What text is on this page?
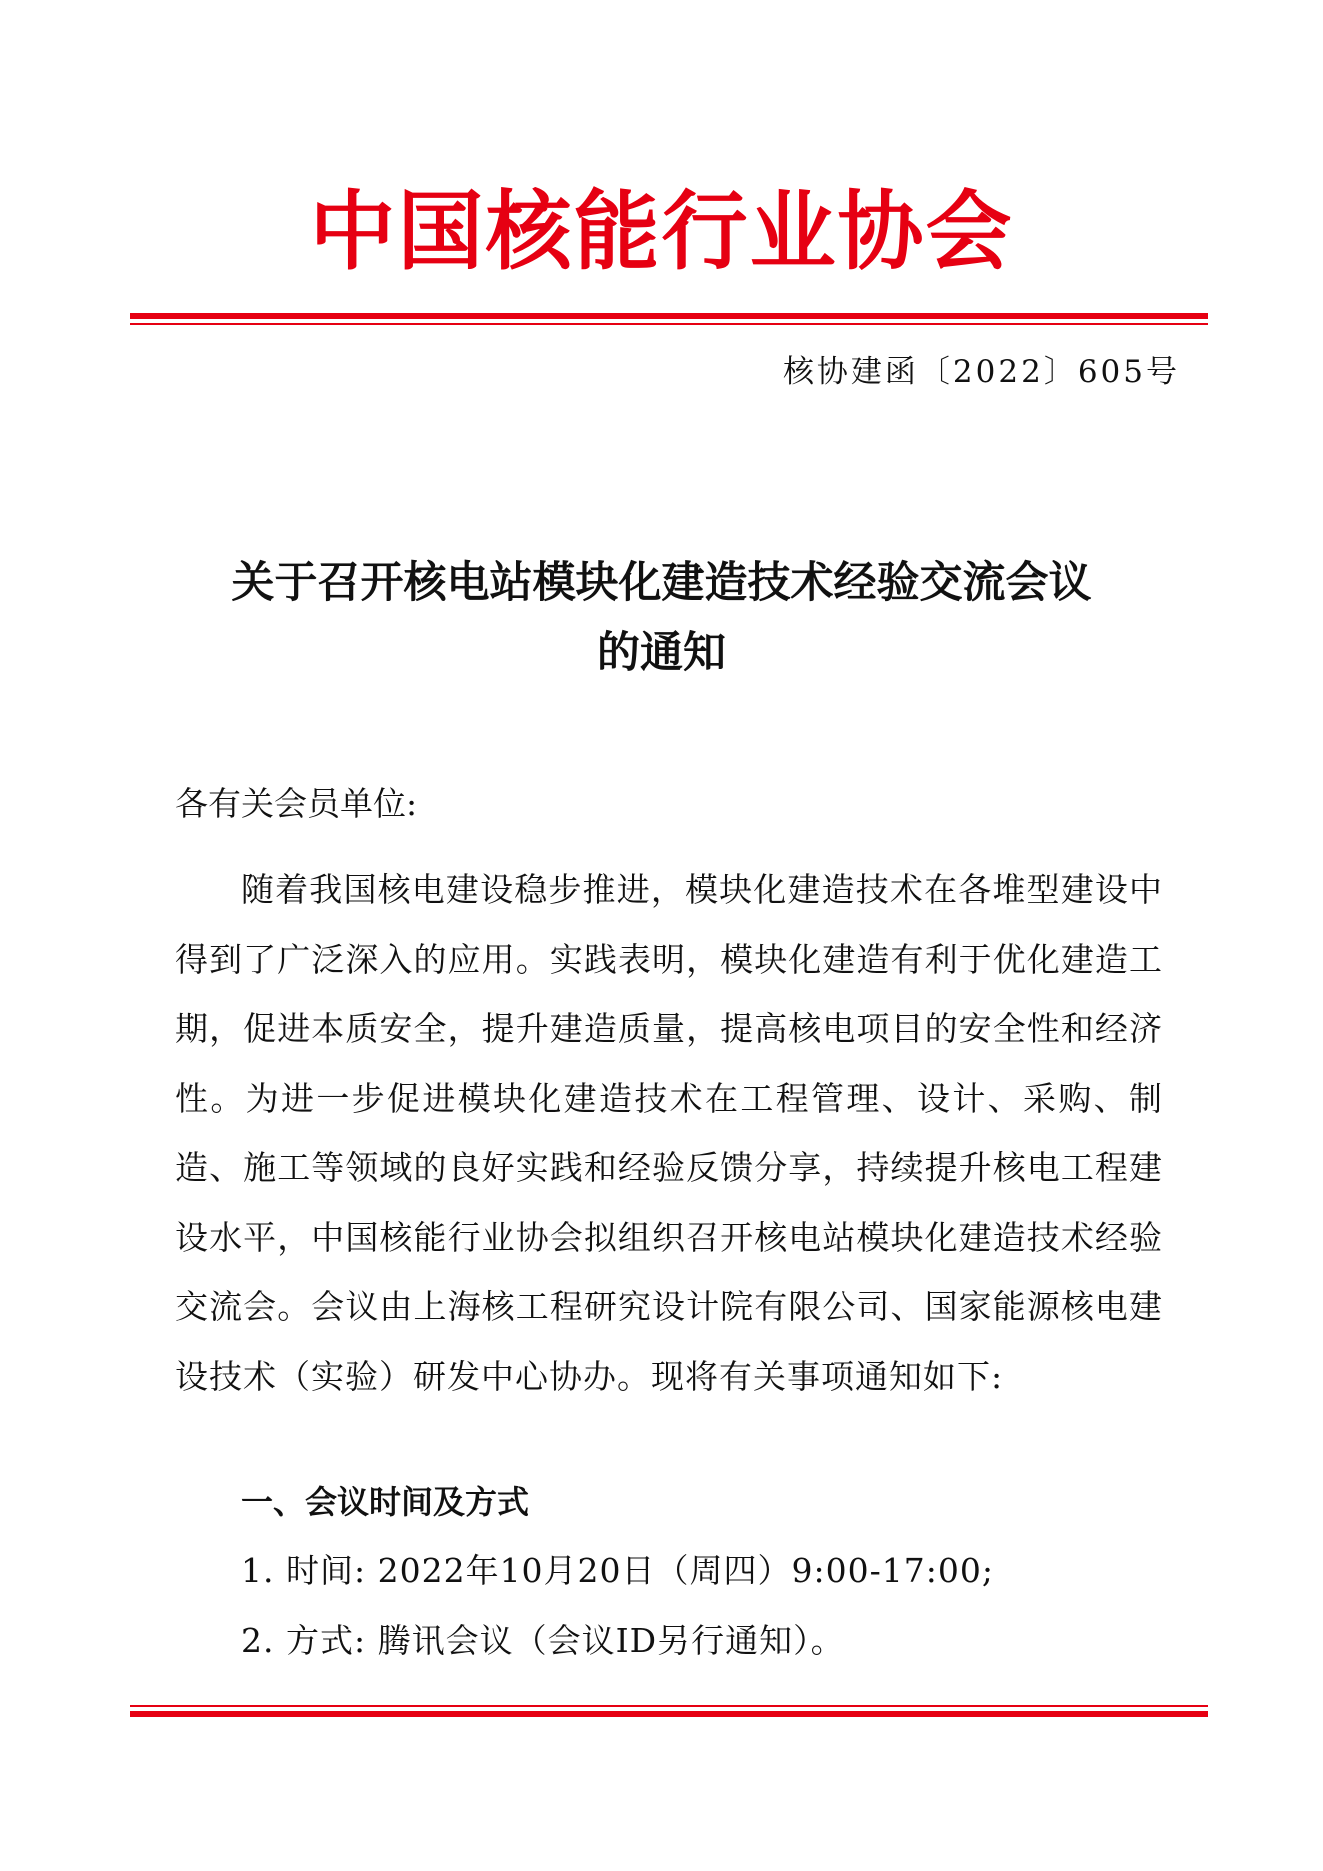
中国核能行业协会
核协建函〔2022〕605号
关于召开核电站模块化建造技术经验交流会议
的通知
各有关会员单位:
随着我国核电建设稳步推进，模块化建造技术在各堆型建设中得到了广泛深入的应用。实践表明，模块化建造有利于优化建造工期，促进本质安全，提升建造质量，提高核电项目的安全性和经济性。为进一步促进模块化建造技术在工程管理、设计、采购、制造、施工等领域的良好实践和经验反馈分享，持续提升核电工程建设水平，中国核能行业协会拟组织召开核电站模块化建造技术经验交流会。会议由上海核工程研究设计院有限公司、国家能源核电建设技术（实验）研发中心协办。现将有关事项通知如下:
一、会议时间及方式
1. 时间: 2022年10月20日（周四）9:00-17:00;
2. 方式: 腾讯会议（会议ID另行通知）。
